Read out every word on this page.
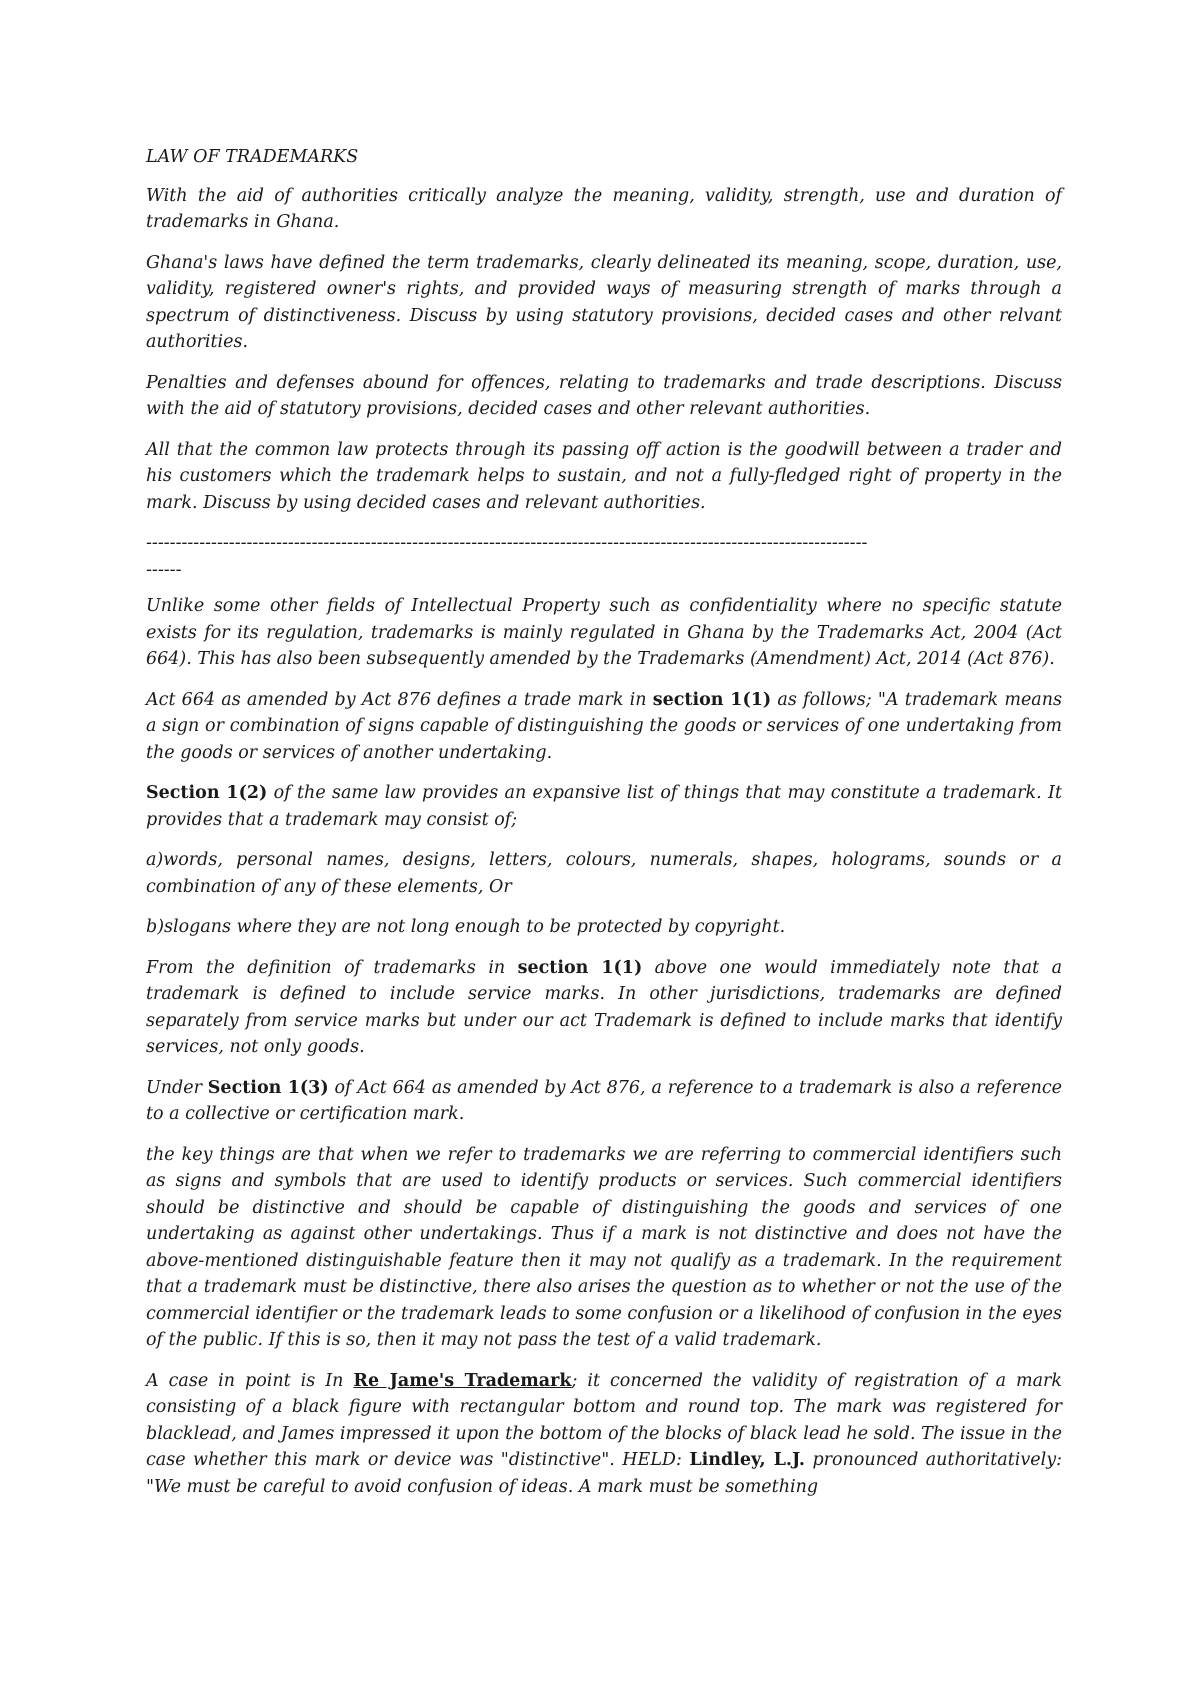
LAW OF TRADEMARKS

With the aid of authorities critically analyze the meaning, validity, strength, use and duration of trademarks in Ghana.

Ghana's laws have defined the term trademarks, clearly delineated its meaning, scope, duration, use, validity, registered owner's rights, and provided ways of measuring strength of marks through a spectrum of distinctiveness. Discuss by using statutory provisions, decided cases and other relvant authorities.

Penalties and defenses abound for offences, relating to trademarks and trade descriptions. Discuss with the aid of statutory provisions, decided cases and other relevant authorities.

All that the common law protects through its passing off action is the goodwill between a trader and his customers which the trademark helps to sustain, and not a fully-fledged right of property in the mark. Discuss by using decided cases and relevant authorities.

--------------------------------------------------------------------------------------------------------------------------
------

Unlike some other fields of Intellectual Property such as confidentiality where no specific statute exists for its regulation, trademarks is mainly regulated in Ghana by the Trademarks Act, 2004 (Act 664). This has also been subsequently amended by the Trademarks (Amendment) Act, 2014 (Act 876).

Act 664 as amended by Act 876 defines a trade mark in section 1(1) as follows; "A trademark means a sign or combination of signs capable of distinguishing the goods or services of one undertaking from the goods or services of another undertaking.

Section 1(2) of the same law provides an expansive list of things that may constitute a trademark. It provides that a trademark may consist of;

a)words, personal names, designs, letters, colours, numerals, shapes, holograms, sounds or a combination of any of these elements, Or

b)slogans where they are not long enough to be protected by copyright.

From the definition of trademarks in section 1(1) above one would immediately note that a trademark is defined to include service marks. In other jurisdictions, trademarks are defined separately from service marks but under our act Trademark is defined to include marks that identify services, not only goods.

Under Section 1(3) of Act 664 as amended by Act 876, a reference to a trademark is also a reference to a collective or certification mark.

the key things are that when we refer to trademarks we are referring to commercial identifiers such as signs and symbols that are used to identify products or services. Such commercial identifiers should be distinctive and should be capable of distinguishing the goods and services of one undertaking as against other undertakings. Thus if a mark is not distinctive and does not have the above-mentioned distinguishable feature then it may not qualify as a trademark. In the requirement that a trademark must be distinctive, there also arises the question as to whether or not the use of the commercial identifier or the trademark leads to some confusion or a likelihood of confusion in the eyes of the public. If this is so, then it may not pass the test of a valid trademark.

A case in point is In Re Jame's Trademark; it concerned the validity of registration of a mark consisting of a black figure with rectangular bottom and round top. The mark was registered for blacklead, and James impressed it upon the bottom of the blocks of black lead he sold. The issue in the case whether this mark or device was "distinctive". HELD: Lindley, L.J. pronounced authoritatively: "We must be careful to avoid confusion of ideas. A mark must be something
